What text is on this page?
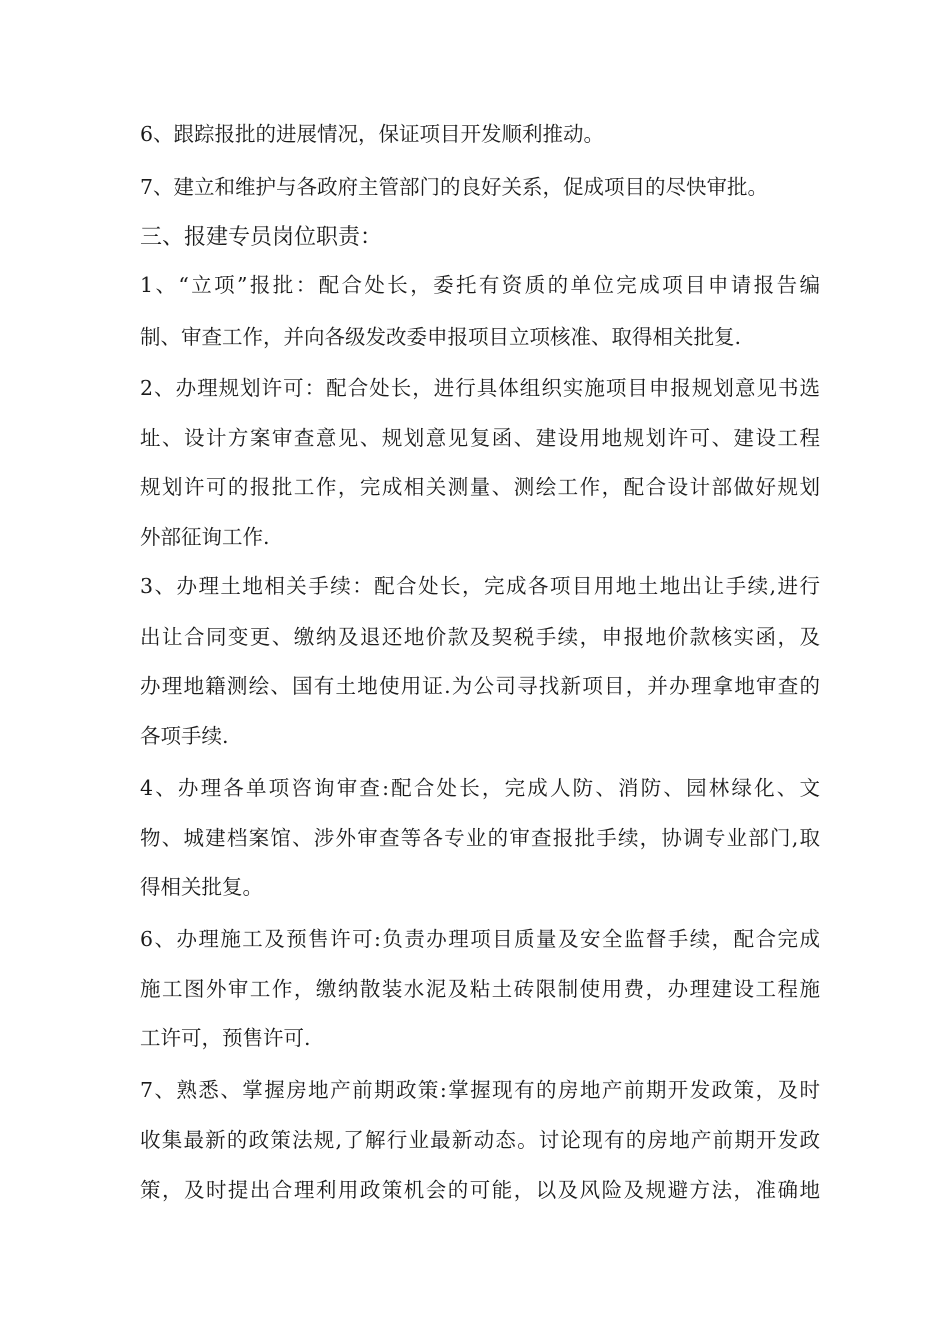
6、跟踪报批的进展情况，保证项目开发顺利推动。
7、建立和维护与各政府主管部门的良好关系，促成项目的尽快审批。
三、报建专员岗位职责：
1、“立项”报批：配合处长，委托有资质的单位完成项目申请报告编
制、审查工作，并向各级发改委申报项目立项核准、取得相关批复.
2、办理规划许可：配合处长，进行具体组织实施项目申报规划意见书选
址、设计方案审查意见、规划意见复函、建设用地规划许可、建设工程
规划许可的报批工作，完成相关测量、测绘工作，配合设计部做好规划
外部征询工作.
3、办理土地相关手续：配合处长，完成各项目用地土地出让手续,进行
出让合同变更、缴纳及退还地价款及契税手续，申报地价款核实函，及
办理地籍测绘、国有土地使用证.为公司寻找新项目，并办理拿地审查的
各项手续.
4、办理各单项咨询审查:配合处长，完成人防、消防、园林绿化、文
物、城建档案馆、涉外审查等各专业的审查报批手续，协调专业部门,取
得相关批复。
6、办理施工及预售许可:负责办理项目质量及安全监督手续，配合完成
施工图外审工作，缴纳散装水泥及粘土砖限制使用费，办理建设工程施
工许可，预售许可.
7、熟悉、掌握房地产前期政策:掌握现有的房地产前期开发政策，及时
收集最新的政策法规,了解行业最新动态。讨论现有的房地产前期开发政
策，及时提出合理利用政策机会的可能，以及风险及规避方法，准确地
